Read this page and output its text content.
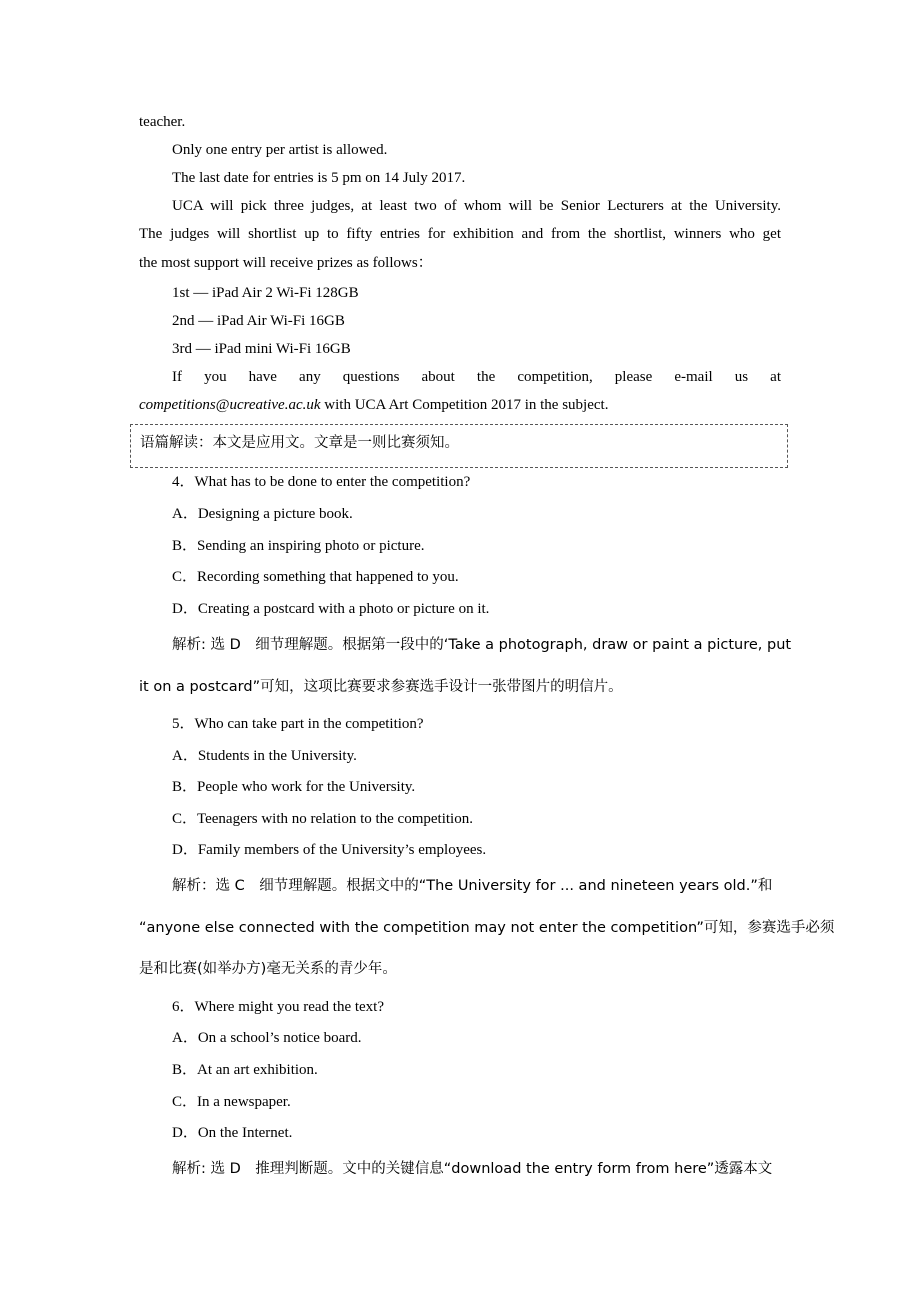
teacher.
Only one entry per artist is allowed.
The last date for entries is 5 pm on 14 July 2017.
UCA will pick three judges, at least two of whom will be Senior Lecturers at the University.
The judges will shortlist up to fifty entries for exhibition and from the shortlist, winners who get
the most support will receive prizes as follows：
1st — iPad Air 2 Wi-Fi 128GB
2nd — iPad Air Wi-Fi 16GB
3rd — iPad mini Wi-Fi 16GB
If you have any questions about the competition, please e-mail us at
competitions@ucreative.ac.uk with UCA Art Competition 2017 in the subject.
4．What has to be done to enter the competition?
A．Designing a picture book.
B．Sending an inspiring photo or picture.
C．Recording something that happened to you.
D．Creating a postcard with a photo or picture on it.
解析: 选 D　细节理解题。根据第一段中的‘Take a photograph, draw or paint a picture, put
it on a postcard”可知，这项比赛要求参赛选手设计一张带图片的明信片。
5．Who can take part in the competition?
A．Students in the University.
B．People who work for the University.
C．Teenagers with no relation to the competition.
D．Family members of the University’s employees.
解析：选 C　细节理解题。根据文中的“The University for ... and nineteen years old.”和
“anyone else connected with the competition may not enter the competition”可知，参赛选手必须
是和比赛(如举办方)毫无关系的青少年。
6．Where might you read the text?
A．On a school’s notice board.
B．At an art exhibition.
C．In a newspaper.
D．On the Internet.
解析: 选 D　推理判断题。文中的关键信息“download the entry form from here”透露本文
语篇解读：本文是应用文。文章是一则比赛须知。
